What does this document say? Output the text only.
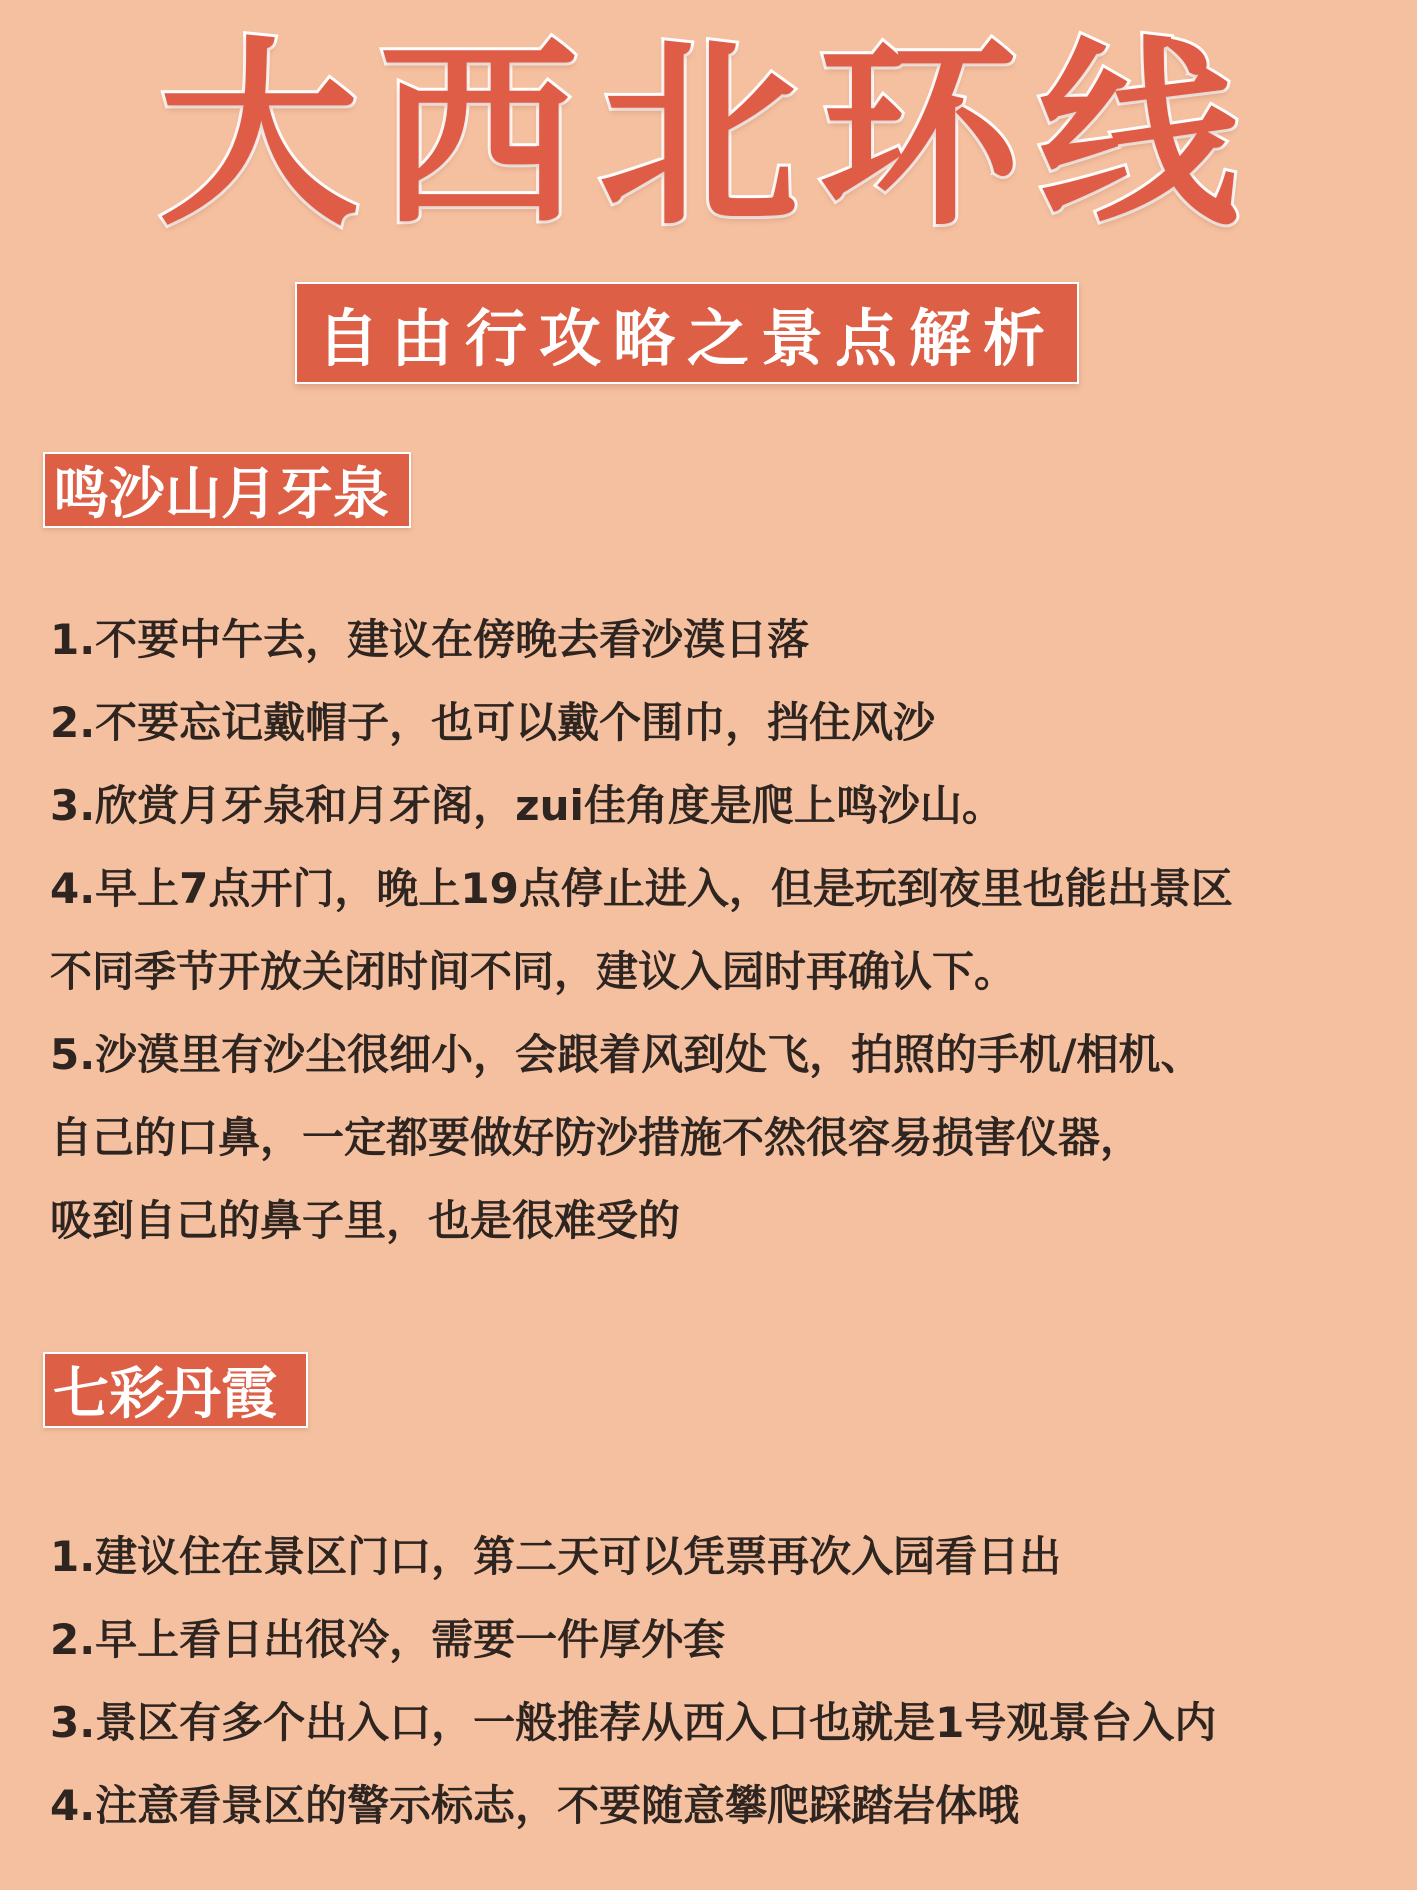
大西北环线
自由行攻略之景点解析
鸣沙山月牙泉
1.不要中午去，建议在傍晚去看沙漠日落
2.不要忘记戴帽子，也可以戴个围巾，挡住风沙
3.欣赏月牙泉和月牙阁，zui佳角度是爬上鸣沙山。
4.早上7点开门，晚上19点停止进入，但是玩到夜里也能出景区
不同季节开放关闭时间不同，建议入园时再确认下。
5.沙漠里有沙尘很细小，会跟着风到处飞，拍照的手机/相机、
自己的口鼻，一定都要做好防沙措施不然很容易损害仪器，
吸到自己的鼻子里，也是很难受的
七彩丹霞
1.建议住在景区门口，第二天可以凭票再次入园看日出
2.早上看日出很冷，需要一件厚外套
3.景区有多个出入口，一般推荐从西入口也就是1号观景台入内
4.注意看景区的警示标志，不要随意攀爬踩踏岩体哦
